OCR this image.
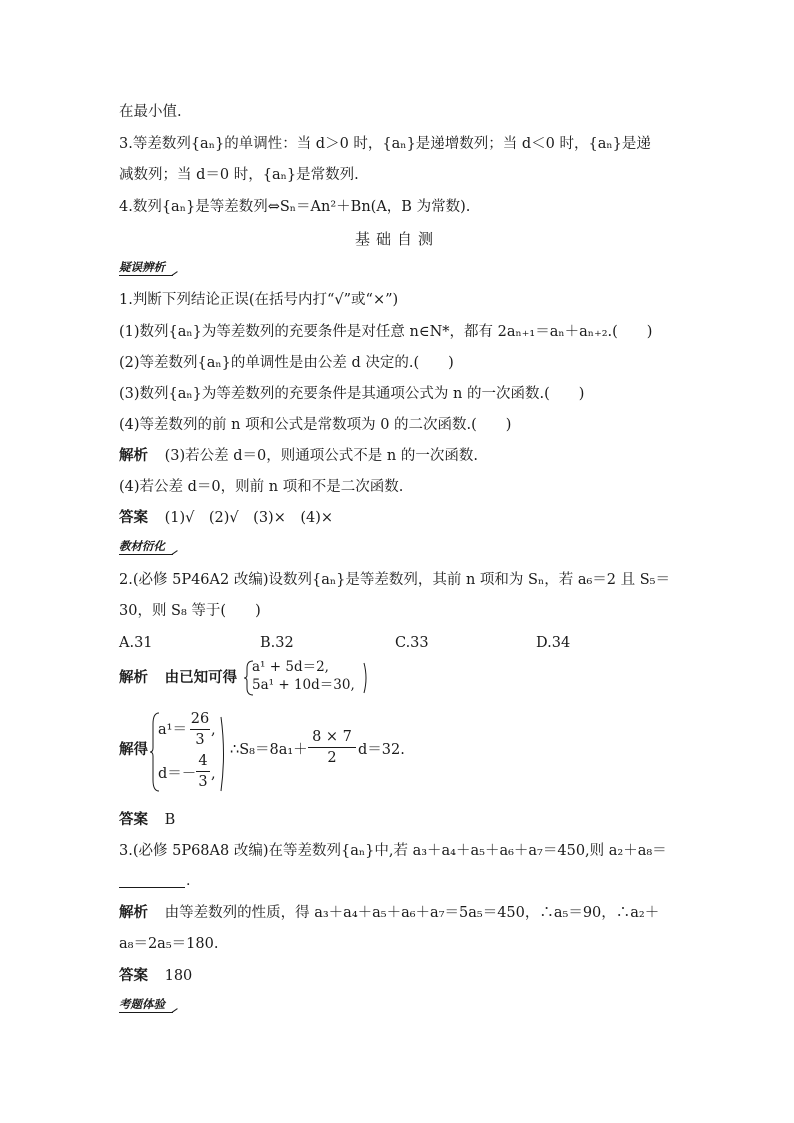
在最小值.
3.等差数列{aₙ}的单调性：当 d＞0 时，{aₙ}是递增数列；当 d＜0 时，{aₙ}是递
减数列；当 d＝0 时，{aₙ}是常数列.
4.数列{aₙ}是等差数列⇔Sₙ＝An²＋Bn(A，B 为常数).
基础自测
疑误辨析
1.判断下列结论正误(在括号内打“√”或“×”)
(1)数列{aₙ}为等差数列的充要条件是对任意 n∈N*，都有 2aₙ₊₁＝aₙ＋aₙ₊₂.(　　)
(2)等差数列{aₙ}的单调性是由公差 d 决定的.(　　)
(3)数列{aₙ}为等差数列的充要条件是其通项公式为 n 的一次函数.(　　)
(4)等差数列的前 n 项和公式是常数项为 0 的二次函数.(　　)
解析 (3)若公差 d＝0，则通项公式不是 n 的一次函数.
(4)若公差 d＝0，则前 n 项和不是二次函数.
答案 (1)√　(2)√　(3)×　(4)×
教材衍化
2.(必修 5P46A2 改编)设数列{aₙ}是等差数列，其前 n 项和为 Sₙ，若 a₆＝2 且 S₅＝
30，则 S₈ 等于(　　)
A.31	B.32	C.33	D.34
解析 由已知可得
a¹ + 5d＝2,
5a¹ + 10d＝30,
解得
a¹＝
26
3
,
d＝－
4
3 ,
∴S₈＝8a₁＋
8 × 7
2	d＝32.
答案 B
3.(必修 5P68A8 改编)在等差数列{aₙ}中,若 a₃＋a₄＋a₅＋a₆＋a₇＝450,则 a₂＋a₈＝
.
解析 由等差数列的性质，得 a₃＋a₄＋a₅＋a₆＋a₇＝5a₅＝450，∴a₅＝90，∴a₂＋
a₈＝2a₅＝180.
答案 180
考题体验
